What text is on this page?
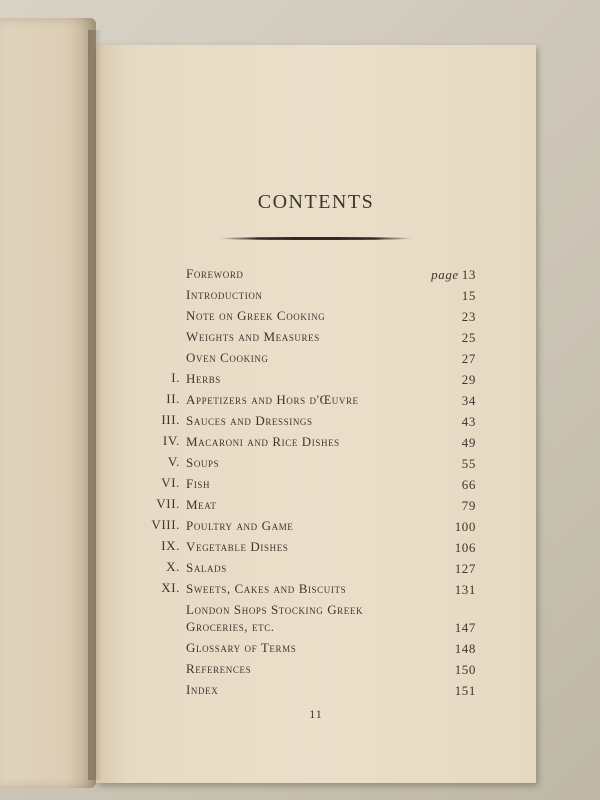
CONTENTS
Foreword	page 13
Introduction	15
Note on Greek Cooking	23
Weights and Measures	25
Oven Cooking	27
I. Herbs	29
II. Appetizers and Hors d'Œuvre	34
III. Sauces and Dressings	43
IV. Macaroni and Rice Dishes	49
V. Soups	55
VI. Fish	66
VII. Meat	79
VIII. Poultry and Game	100
IX. Vegetable Dishes	106
X. Salads	127
XI. Sweets, Cakes and Biscuits	131
London Shops Stocking Greek
Groceries, etc.	147
Glossary of Terms	148
References	150
Index	151
11
